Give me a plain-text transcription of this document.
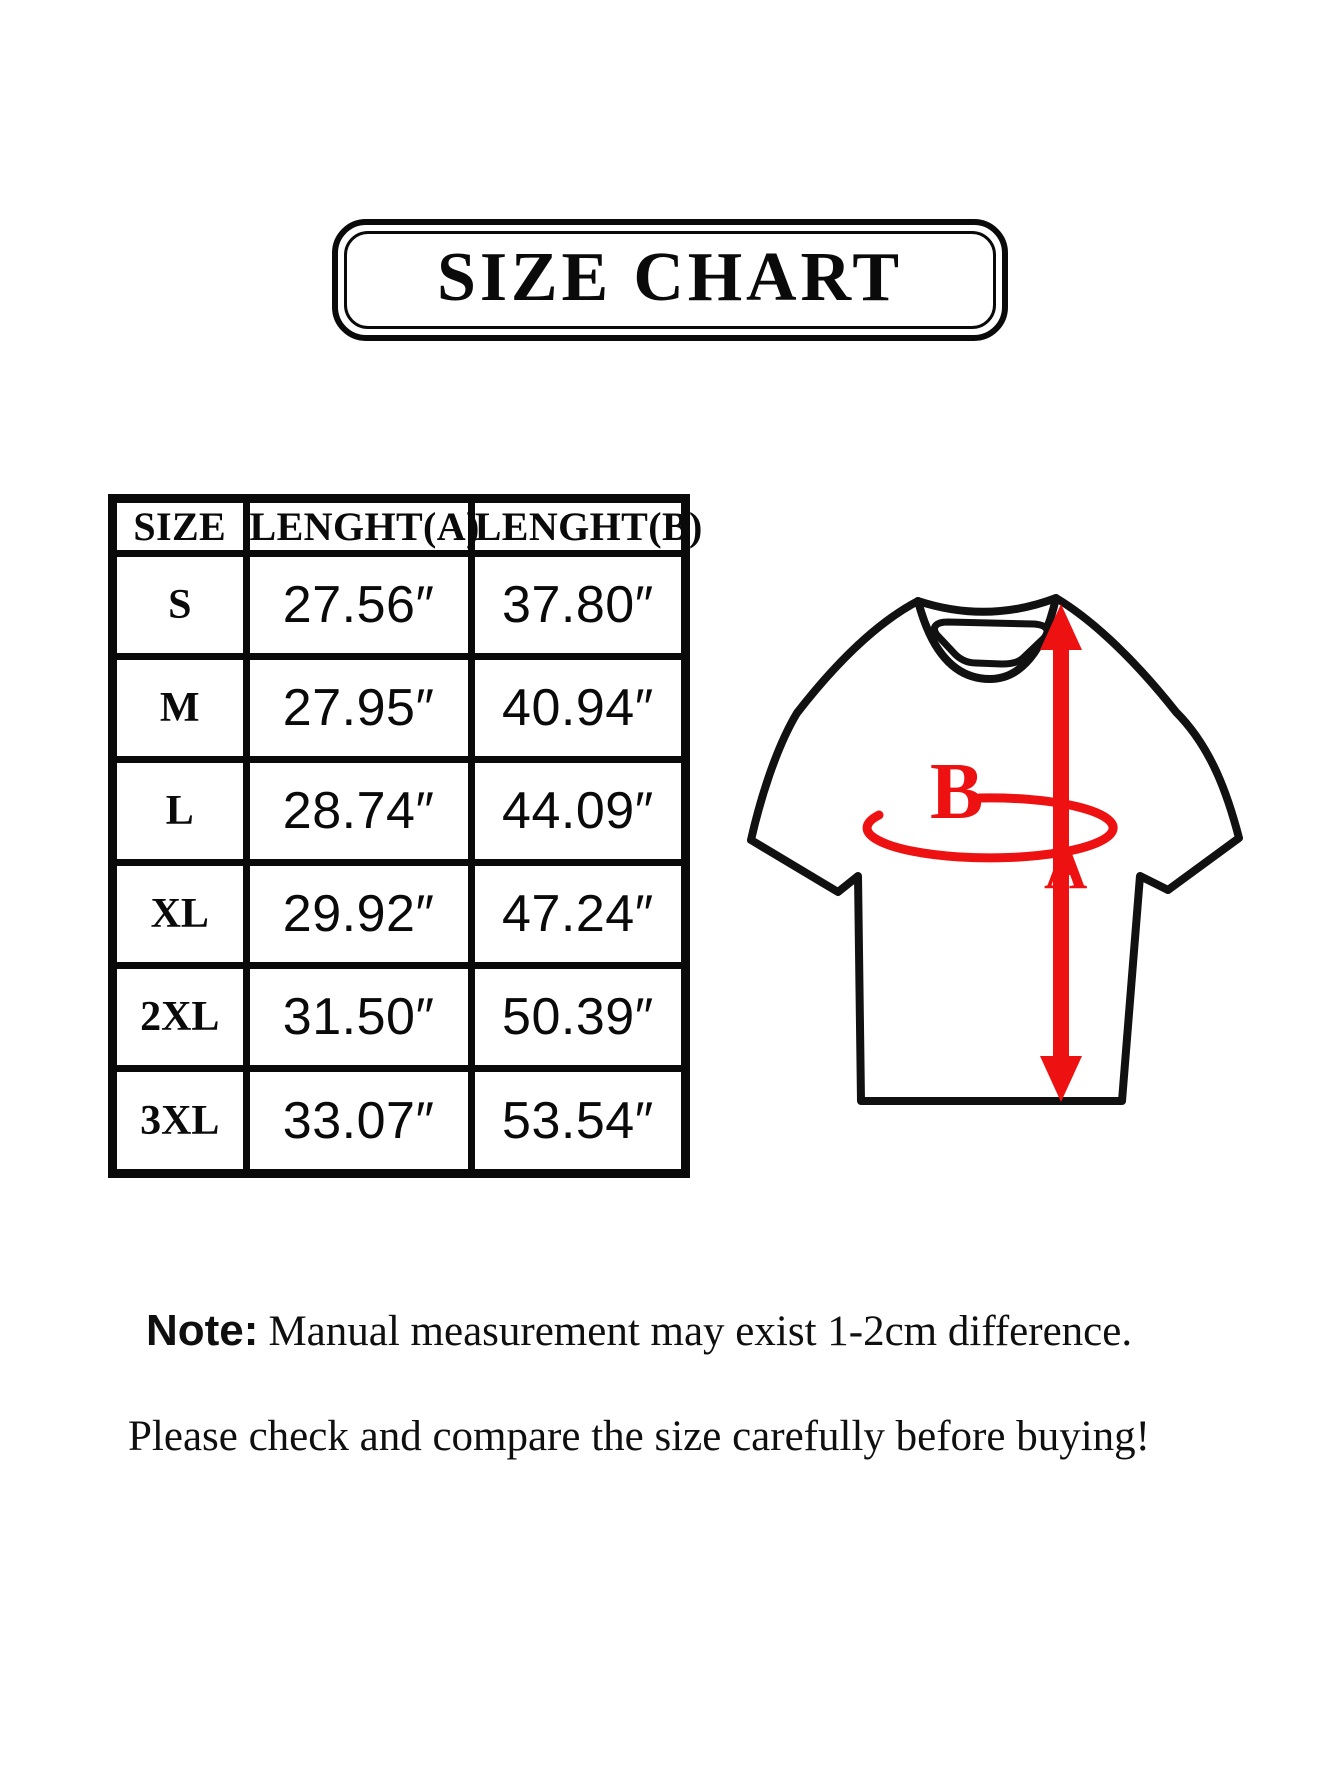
SIZE CHART
SIZE	LENGHT(A)	LENGHT(B)
S	27.56″	37.80″
M	27.95″	40.94″
L	28.74″	44.09″
XL	29.92″	47.24″
2XL	31.50″	50.39″
3XL	33.07″	53.54″
B
A
Note: Manual measurement may exist 1-2cm difference.
Please check and compare the size carefully before buying!
